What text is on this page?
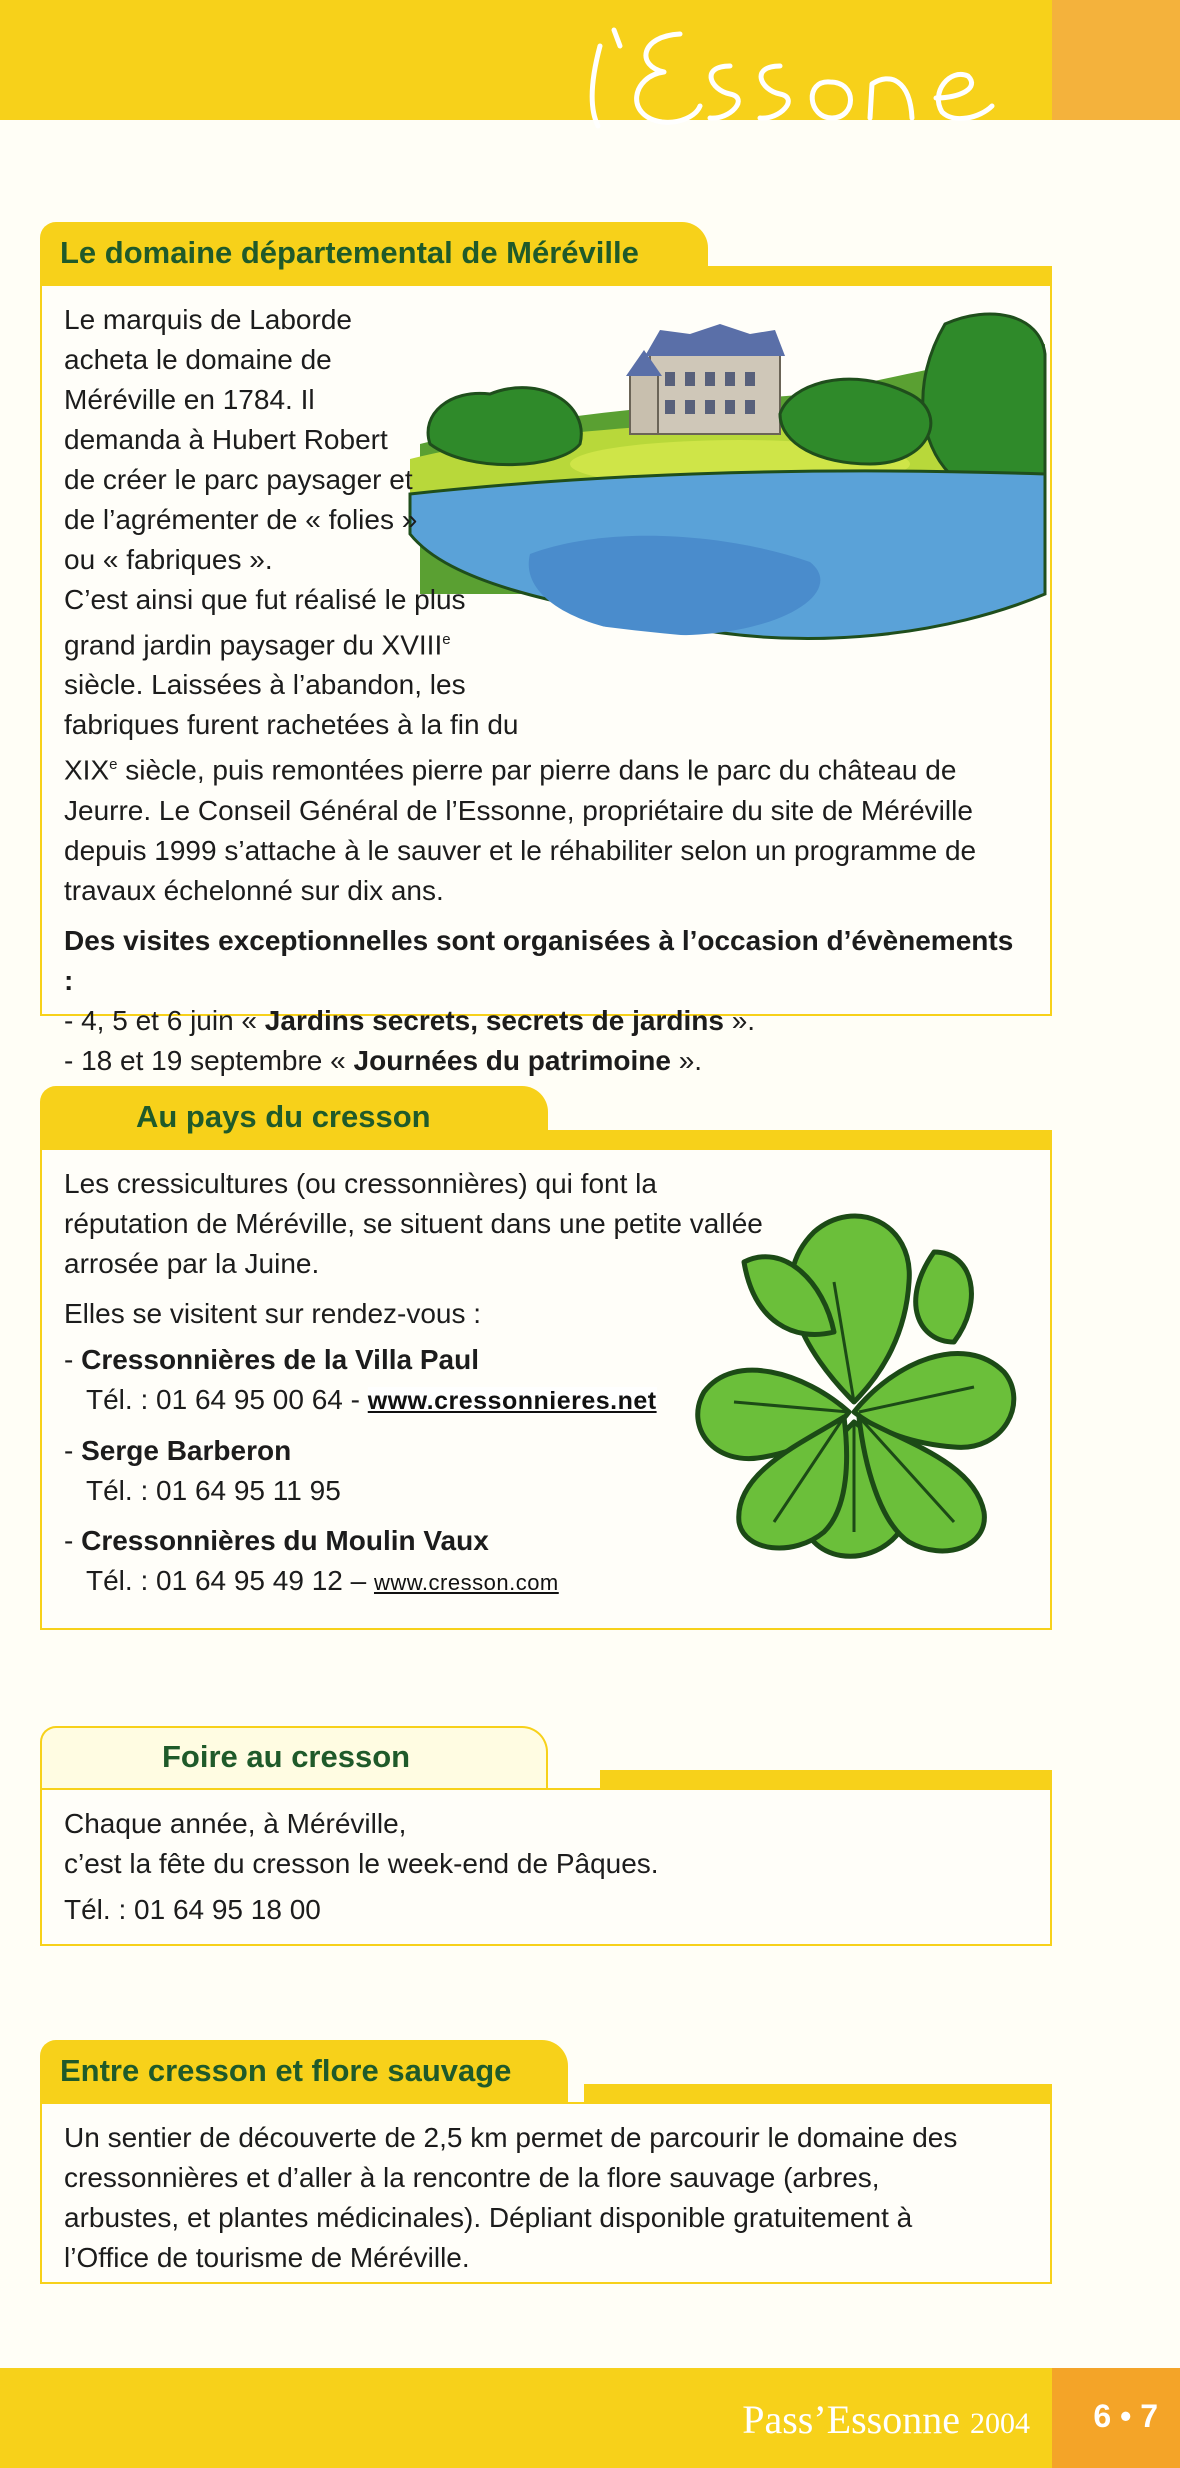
Le domaine départemental de Méréville

Le marquis de Laborde acheta le domaine de Méréville en 1784. Il demanda à Hubert Robert de créer le parc paysager et de l’agrémenter de « folies » ou « fabriques ».

C’est ainsi que fut réalisé le plus grand jardin paysager du XVIIIe siècle. Laissées à l’abandon, les fabriques furent rachetées à la fin du XIXe siècle, puis remontées pierre par pierre dans le parc du château de Jeurre. Le Conseil Général de l’Essonne, propriétaire du site de Méréville depuis 1999 s’attache à le sauver et le réhabiliter selon un programme de travaux échelonné sur dix ans.

Des visites exceptionnelles sont organisées à l’occasion d’évènements :

- 4, 5 et 6 juin « Jardins secrets, secrets de jardins ».

- 18 et 19 septembre « Journées du patrimoine ».

Au pays du cresson

Les cressicultures (ou cressonnières) qui font la réputation de Méréville, se situent dans une petite vallée arrosée par la Juine.

Elles se visitent sur rendez-vous :

- Cressonnières de la Villa Paul
Tél. : 01 64 95 00 64 - www.cressonnieres.net
- Serge Barberon
Tél. : 01 64 95 11 95
- Cressonnières du Moulin Vaux
Tél. : 01 64 95 49 12 – www.cresson.com
Foire au cresson

Chaque année, à Méréville,

c’est la fête du cresson le week-end de Pâques.

Tél. : 01 64 95 18 00

Entre cresson et flore sauvage

Un sentier de découverte de 2,5 km permet de parcourir le domaine des cressonnières et d’aller à la rencontre de la flore sauvage (arbres, arbustes, et plantes médicinales). Dépliant disponible gratuitement à l’Office de tourisme de Méréville.

Pass’Essonne 2004 6 • 7
